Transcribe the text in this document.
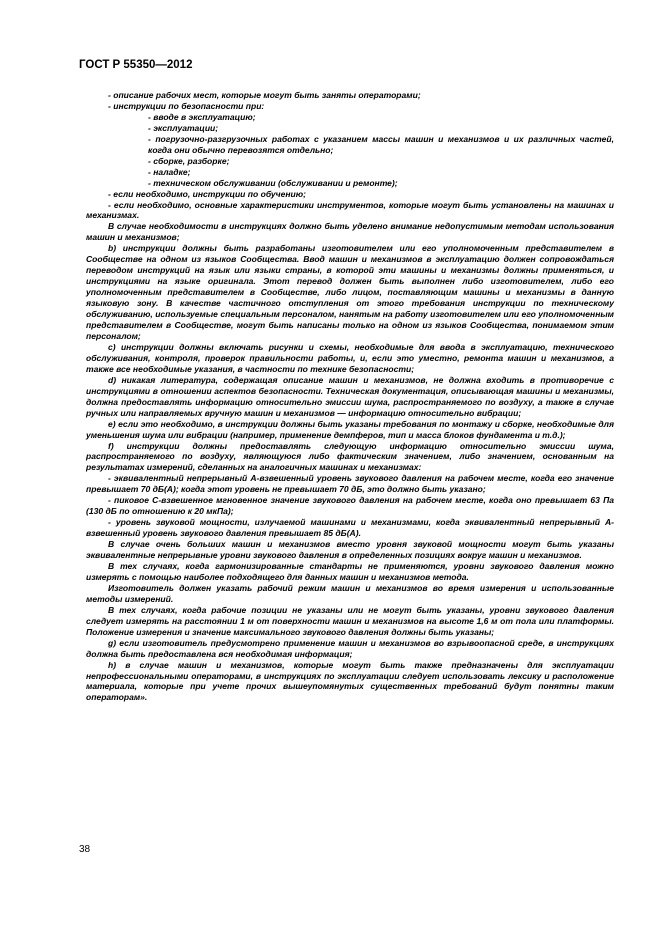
ГОСТ Р 55350—2012

- описание рабочих мест, которые могут быть заняты операторами;

- инструкции по безопасности при:

- вводе в эксплуатацию;

- эксплуатации;

- погрузочно-разгрузочных работах с указанием массы машин и механизмов и их различных частей, когда они обычно перевозятся отдельно;

- сборке, разборке;

- наладке;

- техническом обслуживании (обслуживании и ремонте);

- если необходимо, инструкции по обучению;

- если необходимо, основные характеристики инструментов, которые могут быть установлены на машинах и механизмах.

В случае необходимости в инструкциях должно быть уделено внимание недопустимым методам использования машин и механизмов;

b) инструкции должны быть разработаны изготовителем или его уполномоченным представителем в Сообществе на одном из языков Сообщества. Ввод машин и механизмов в эксплуатацию должен сопровождаться переводом инструкций на язык или языки страны, в которой эти машины и механизмы должны применяться, и инструкциями на языке оригинала. Этот перевод должен быть выполнен либо изготовителем, либо его уполномоченным представителем в Сообществе, либо лицом, поставляющим машины и механизмы в данную языковую зону. В качестве частичного отступления от этого требования инструкции по техническому обслуживанию, используемые специальным персоналом, нанятым на работу изготовителем или его уполномоченным представителем в Сообществе, могут быть написаны только на одном из языков Сообщества, понимаемом этим персоналом;

c) инструкции должны включать рисунки и схемы, необходимые для ввода в эксплуатацию, технического обслуживания, контроля, проверок правильности работы, и, если это уместно, ремонта машин и механизмов, а также все необходимые указания, в частности по технике безопасности;

d) никакая литература, содержащая описание машин и механизмов, не должна входить в противоречие с инструкциями в отношении аспектов безопасности. Техническая документация, описывающая машины и механизмы, должна предоставлять информацию относительно эмиссии шума, распространяемого по воздуху, а также в случае ручных или направляемых вручную машин и механизмов — информацию относительно вибрации;

e) если это необходимо, в инструкции должны быть указаны требования по монтажу и сборке, необходимые для уменьшения шума или вибрации (например, применение демпферов, тип и масса блоков фундамента и т.д.);

f) инструкции должны предоставлять следующую информацию относительно эмиссии шума, распространяемого по воздуху, являющуюся либо фактическим значением, либо значением, основанным на результатах измерений, сделанных на аналогичных машинах и механизмах:

- эквивалентный непрерывный А-взвешенный уровень звукового давления на рабочем месте, когда его значение превышает 70 дБ(А); когда этот уровень не превышает 70 дБ, это должно быть указано;

- пиковое С-взвешенное мгновенное значение звукового давления на рабочем месте, когда оно превышает 63 Па (130 дБ по отношению к 20 мкПа);

- уровень звуковой мощности, излучаемой машинами и механизмами, когда эквивалентный непрерывный А-взвешенный уровень звукового давления превышает 85 дБ(А).

В случае очень больших машин и механизмов вместо уровня звуковой мощности могут быть указаны эквивалентные непрерывные уровни звукового давления в определенных позициях вокруг машин и механизмов.

В тех случаях, когда гармонизированные стандарты не применяются, уровни звукового давления можно измерять с помощью наиболее подходящего для данных машин и механизмов метода.

Изготовитель должен указать рабочий режим машин и механизмов во время измерения и использованные методы измерений.

В тех случаях, когда рабочие позиции не указаны или не могут быть указаны, уровни звукового давления следует измерять на расстоянии 1 м от поверхности машин и механизмов на высоте 1,6 м от пола или платформы. Положение измерения и значение максимального звукового давления должны быть указаны;

g) если изготовитель предусмотрено применение машин и механизмов во взрывоопасной среде, в инструкциях должна быть предоставлена вся необходимая информация;

h) в случае машин и механизмов, которые могут быть также предназначены для эксплуатации непрофессиональными операторами, в инструкциях по эксплуатации следует использовать лексику и расположение материала, которые при учете прочих вышеупомянутых существенных требований будут понятны таким операторам».

38
